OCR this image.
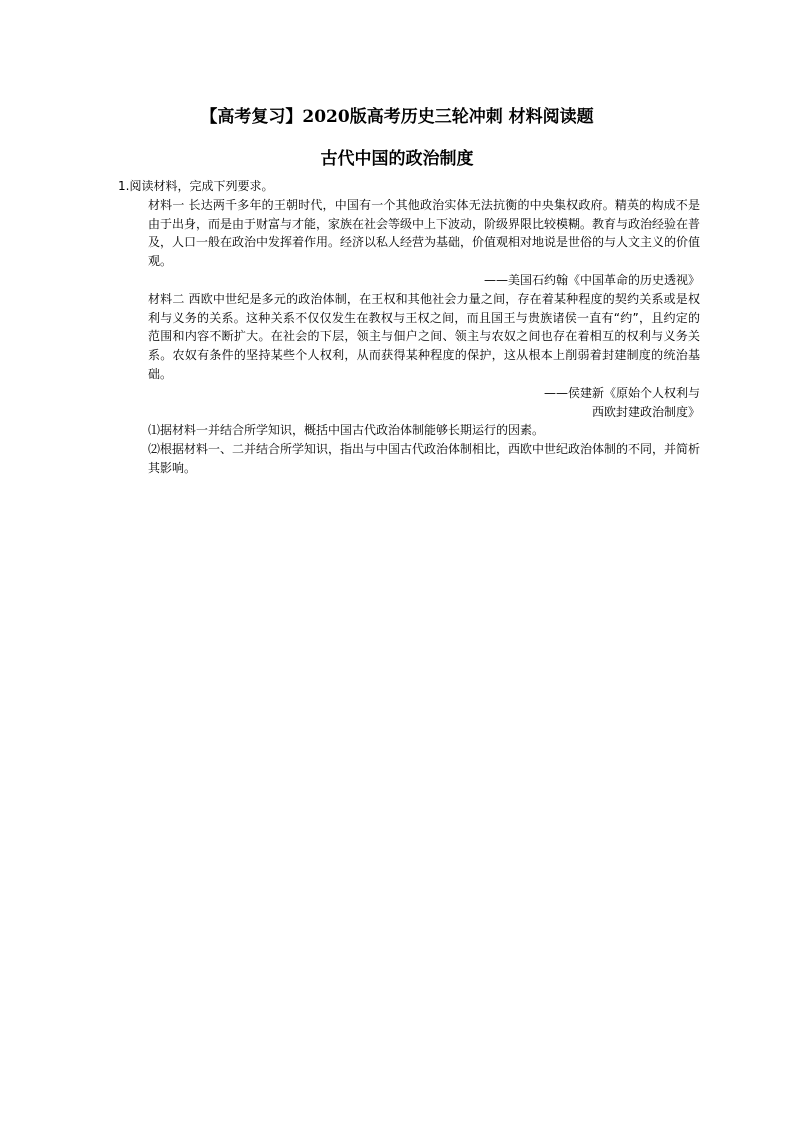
【高考复习】2020版高考历史三轮冲刺 材料阅读题
古代中国的政治制度

1.阅读材料，完成下列要求。

材料一 长达两千多年的王朝时代，中国有一个其他政治实体无法抗衡的中央集权政府。精英的构成不是由于出身，而是由于财富与才能，家族在社会等级中上下波动，阶级界限比较模糊。教育与政治经验在普及，人口一般在政治中发挥着作用。经济以私人经营为基础，价值观相对地说是世俗的与人文主义的价值观。

——美国石约翰《中国革命的历史透视》

材料二 西欧中世纪是多元的政治体制，在王权和其他社会力量之间，存在着某种程度的契约关系或是权利与义务的关系。这种关系不仅仅发生在教权与王权之间，而且国王与贵族诸侯一直有“约”，且约定的范围和内容不断扩大。在社会的下层，领主与佃户之间、领主与农奴之间也存在着相互的权利与义务关系。农奴有条件的坚持某些个人权利，从而获得某种程度的保护，这从根本上削弱着封建制度的统治基础。

——侯建新《原始个人权利与
西欧封建政治制度》

⑴据材料一并结合所学知识，概括中国古代政治体制能够长期运行的因素。

⑵根据材料一、二并结合所学知识，指出与中国古代政治体制相比，西欧中世纪政治体制的不同，并简析其影响。
